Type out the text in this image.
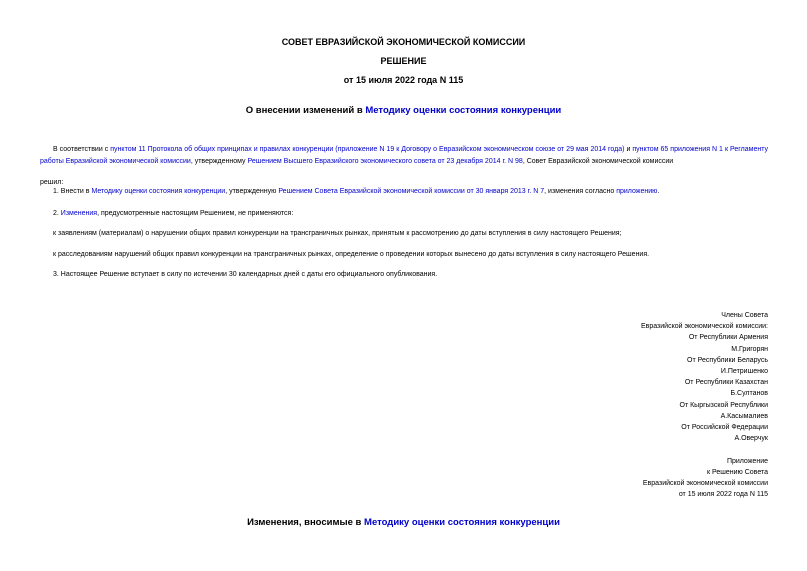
СОВЕТ ЕВРАЗИЙСКОЙ ЭКОНОМИЧЕСКОЙ КОМИССИИ
РЕШЕНИЕ
от 15 июля 2022 года N 115
О внесении изменений в Методику оценки состояния конкуренции
В соответствии с пунктом 11 Протокола об общих принципах и правилах конкуренции (приложение N 19 к Договору о Евразийском экономическом союзе от 29 мая 2014 года) и пунктом 65 приложения N 1 к Регламенту работы Евразийской экономической комиссии, утвержденному Решением Высшего Евразийского экономического совета от 23 декабря 2014 г. N 98, Совет Евразийской экономической комиссии
решил:
1. Внести в Методику оценки состояния конкуренции, утвержденную Решением Совета Евразийской экономической комиссии от 30 января 2013 г. N 7, изменения согласно приложению.
2. Изменения, предусмотренные настоящим Решением, не применяются:
к заявлениям (материалам) о нарушении общих правил конкуренции на трансграничных рынках, принятым к рассмотрению до даты вступления в силу настоящего Решения;
к расследованиям нарушений общих правил конкуренции на трансграничных рынках, определение о проведении которых вынесено до даты вступления в силу настоящего Решения.
3. Настоящее Решение вступает в силу по истечении 30 календарных дней с даты его официального опубликования.
Члены Совета
Евразийской экономической комиссии:
От Республики Армения
М.Григорян
От Республики Беларусь
И.Петришенко
От Республики Казахстан
Б.Султанов
От Кыргызской Республики
А.Касымалиев
От Российской Федерации
А.Оверчук
Приложение
к Решению Совета
Евразийской экономической комиссии
от 15 июля 2022 года N 115
Изменения, вносимые в Методику оценки состояния конкуренции
